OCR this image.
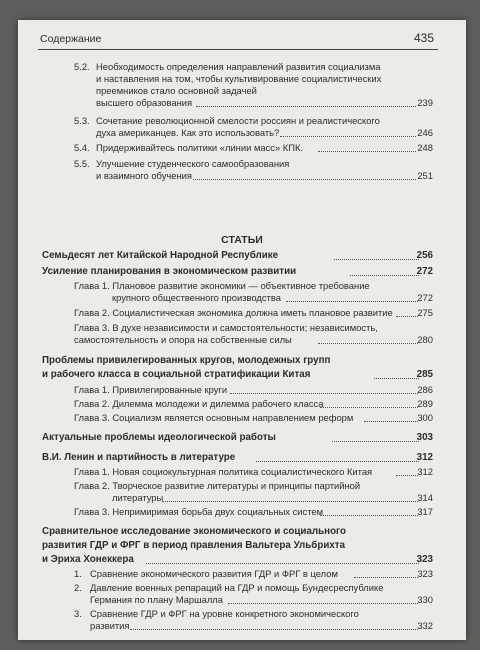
Содержание	435
5.2. Необходимость определения направлений развития социализма
и наставления на том, чтобы культивирование социалистических
преемников стало основной задачей
высшего образования	239
5.3. Сочетание революционной смелости россиян и реалистического
духа американцев. Как это использовать?	246
5.4. Придерживайтесь политики «линии масс» КПК.	248
5.5. Улучшение студенческого самообразования
и взаимного обучения	251
СТАТЬИ
Семьдесят лет Китайской Народной Республике	256
Усиление планирования в экономическом развитии	272
Глава 1. Плановое развитие экономики — объективное требование
крупного общественного производства	272
Глава 2. Социалистическая экономика должна иметь плановое развитие	275
Глава 3. В духе независимости и самостоятельности; независимость,
самостоятельность и опора на собственные силы	280
Проблемы привилегированных кругов, молодежных групп
и рабочего класса в социальной стратификации Китая	285
Глава 1. Привилегированные круги	286
Глава 2. Дилемма молодежи и дилемма рабочего класса	289
Глава 3. Социализм является основным направлением реформ	300
Актуальные проблемы идеологической работы	303
В.И. Ленин и партийность в литературе	312
Глава 1. Новая социокультурная политика социалистического Китая	312
Глава 2. Творческое развитие литературы и принципы партийной
литературы	314
Глава 3. Непримиримая борьба двух социальных систем	317
Сравнительное исследование экономического и социального
развития ГДР и ФРГ в период правления Вальтера Ульбрихта
и Эриха Хонеккера	323
1. Сравнение экономического развития ГДР и ФРГ в целом	323
2. Давление военных репараций на ГДР и помощь Бундесреспублике
Германия по плану Маршалла	330
3. Сравнение ГДР и ФРГ на уровне конкретного экономического
развития	332
